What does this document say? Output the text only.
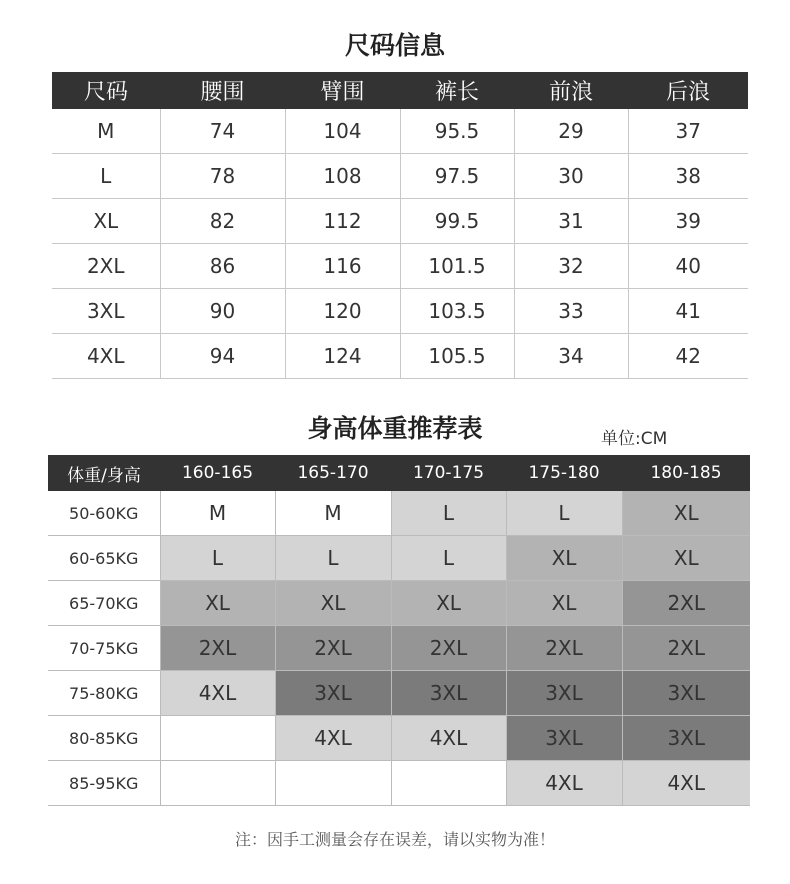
尺码信息
尺码	腰围	臂围	裤长	前浪	后浪
M	74	104	95.5	29	37
L	78	108	97.5	30	38
XL	82	112	99.5	31	39
2XL	86	116	101.5	32	40
3XL	90	120	103.5	33	41
4XL	94	124	105.5	34	42
身高体重推荐表	单位:CM
体重/身高	160-165	165-170	170-175	175-180	180-185
50-60KG	M	M	L	L	XL
60-65KG	L	L	L	XL	XL
65-70KG	XL	XL	XL	XL	2XL
70-75KG	2XL	2XL	2XL	2XL	2XL
75-80KG	4XL	3XL	3XL	3XL	3XL
80-85KG		4XL	4XL	3XL	3XL
85-95KG				4XL	4XL
注：因手工测量会存在误差，请以实物为准！
